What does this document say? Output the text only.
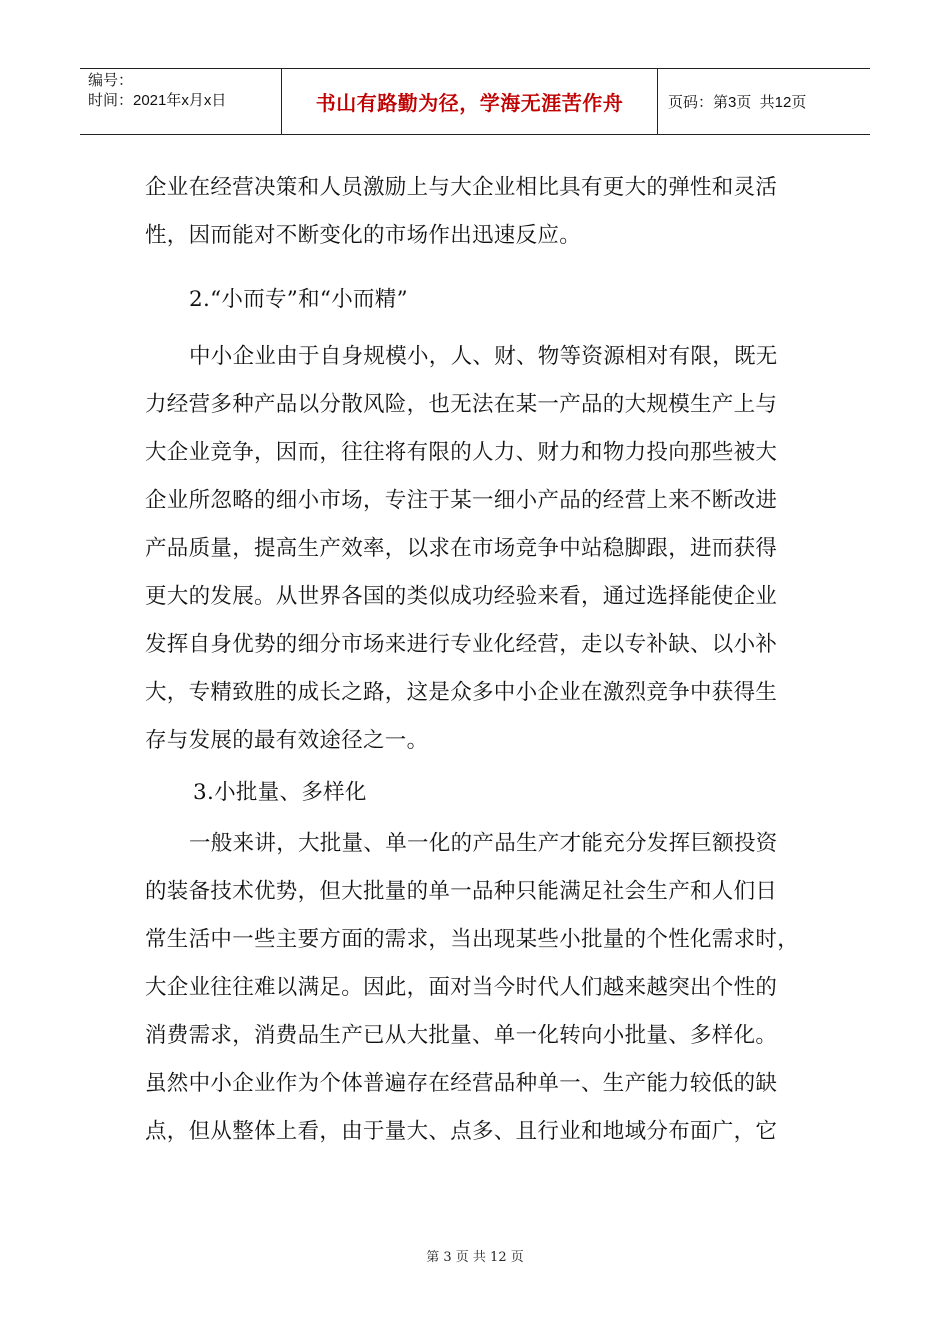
编号：
时间：2021年x月x日	书山有路勤为径，学海无涯苦作舟	页码：第3页  共12页
企业在经营决策和人员激励上与大企业相比具有更大的弹性和灵活
性，因而能对不断变化的市场作出迅速反应。
2.“小而专”和“小而精”
中小企业由于自身规模小，人、财、物等资源相对有限，既无
力经营多种产品以分散风险，也无法在某一产品的大规模生产上与
大企业竞争，因而，往往将有限的人力、财力和物力投向那些被大
企业所忽略的细小市场，专注于某一细小产品的经营上来不断改进
产品质量，提高生产效率，以求在市场竞争中站稳脚跟，进而获得
更大的发展。从世界各国的类似成功经验来看，通过选择能使企业
发挥自身优势的细分市场来进行专业化经营，走以专补缺、以小补
大，专精致胜的成长之路，这是众多中小企业在激烈竞争中获得生
存与发展的最有效途径之一。
3.小批量、多样化
一般来讲，大批量、单一化的产品生产才能充分发挥巨额投资
的装备技术优势，但大批量的单一品种只能满足社会生产和人们日
常生活中一些主要方面的需求，当出现某些小批量的个性化需求时，
大企业往往难以满足。因此，面对当今时代人们越来越突出个性的
消费需求，消费品生产已从大批量、单一化转向小批量、多样化。
虽然中小企业作为个体普遍存在经营品种单一、生产能力较低的缺
点，但从整体上看，由于量大、点多、且行业和地域分布面广，它
第 3 页 共 12 页
